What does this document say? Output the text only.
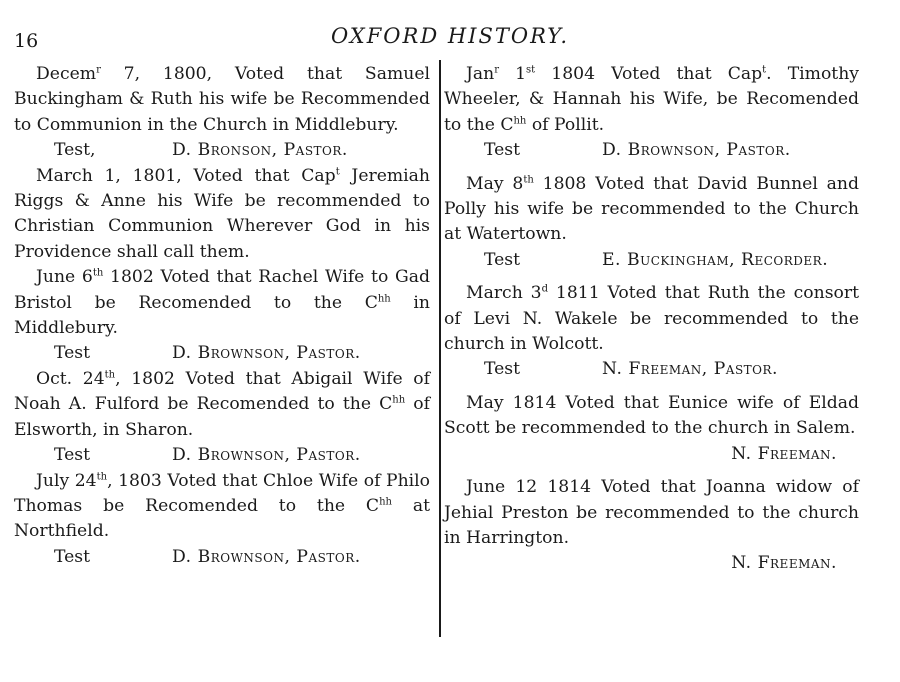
16	OXFORD HISTORY.

Decem$^r$ 7, 1800, Voted that Samuel Buckingham & Ruth his wife be Recommended to Communion in the Church in Middlebury.

Test,	D. Bronson, Pastor.

March 1, 1801, Voted that Cap$^t$ Jeremiah Riggs & Anne his Wife be recommended to Christian Communion Wherever God in his Providence shall call them.

June 6th 1802 Voted that Rachel Wife to Gad Bristol be Recomended to the $C^{hh}$ in Middlebury.

Test	D. Brownson, Pastor.

Oct. 24th, 1802 Voted that Abigail Wife of Noah A. Fulford be Recomended to the $C^{hh}$ of Elsworth, in Sharon.

Test	D. Brownson, Pastor.

July 24th, 1803 Voted that Chloe Wife of Philo Thomas be Recomended to the $C^{hh}$ at Northfield.

Test	D. Brownson, Pastor.

Jan$^r$ 1st 1804 Voted that Cap$^t$. Timothy Wheeler, & Hannah his Wife, be Recomended to the $C^{hh}$ of Pollit.

Test	D. Brownson, Pastor.

May 8th 1808 Voted that David Bunnel and Polly his wife be recommended to the Church at Watertown.

Test	E. Buckingham, Recorder.

March 3$^d$ 1811 Voted that Ruth the consort of Levi N. Wakele be recommended to the church in Wolcott.

Test	N. Freeman, Pastor.

May 1814 Voted that Eunice wife of Eldad Scott be recommended to the church in Salem.

N. Freeman.

June 12 1814 Voted that Joanna widow of Jehial Preston be recommended to the church in Harrington.

N. Freeman.
